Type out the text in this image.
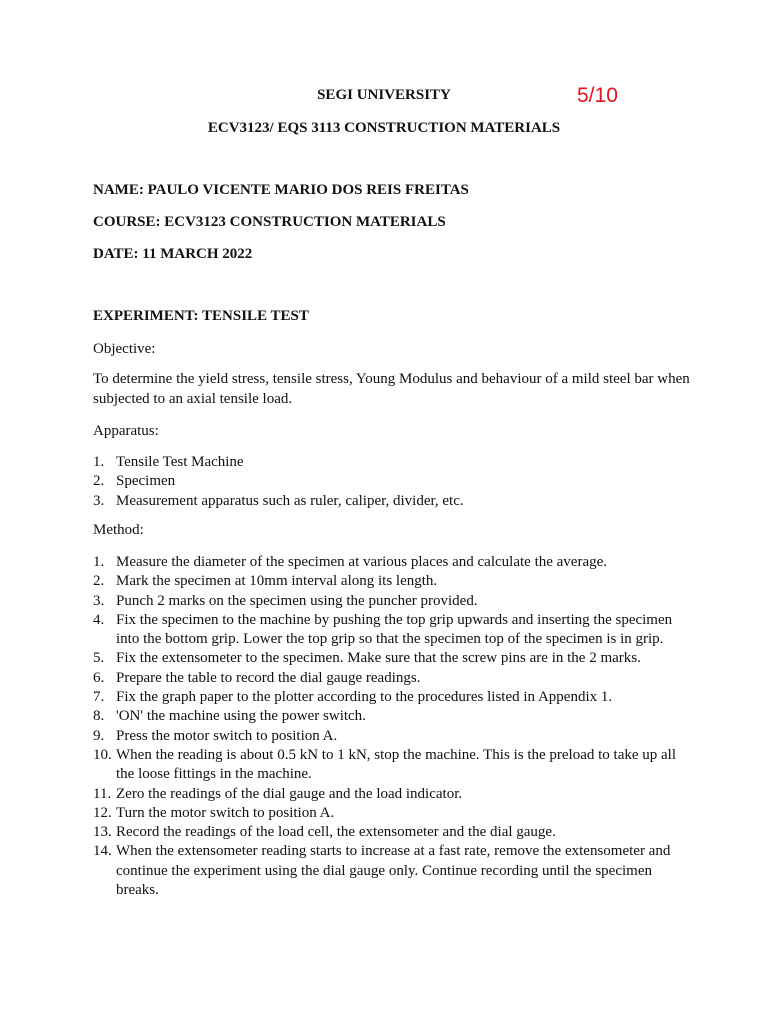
SEGI UNIVERSITY	5/10
ECV3123/ EQS 3113 CONSTRUCTION MATERIALS
NAME: PAULO VICENTE MARIO DOS REIS FREITAS
COURSE: ECV3123 CONSTRUCTION MATERIALS
DATE: 11 MARCH 2022
EXPERIMENT: TENSILE TEST
Objective:
To determine the yield stress, tensile stress, Young Modulus and behaviour of a mild steel bar when subjected to an axial tensile load.
Apparatus:
1. Tensile Test Machine
2. Specimen
3. Measurement apparatus such as ruler, caliper, divider, etc.
Method:
1. Measure the diameter of the specimen at various places and calculate the average.
2. Mark the specimen at 10mm interval along its length.
3. Punch 2 marks on the specimen using the puncher provided.
4. Fix the specimen to the machine by pushing the top grip upwards and inserting the specimen into the bottom grip. Lower the top grip so that the specimen top of the specimen is in grip.
5. Fix the extensometer to the specimen. Make sure that the screw pins are in the 2 marks.
6. Prepare the table to record the dial gauge readings.
7. Fix the graph paper to the plotter according to the procedures listed in Appendix 1.
8. 'ON' the machine using the power switch.
9. Press the motor switch to position A.
10. When the reading is about 0.5 kN to 1 kN, stop the machine. This is the preload to take up all the loose fittings in the machine.
11. Zero the readings of the dial gauge and the load indicator.
12. Turn the motor switch to position A.
13. Record the readings of the load cell, the extensometer and the dial gauge.
14. When the extensometer reading starts to increase at a fast rate, remove the extensometer and continue the experiment using the dial gauge only. Continue recording until the specimen breaks.
